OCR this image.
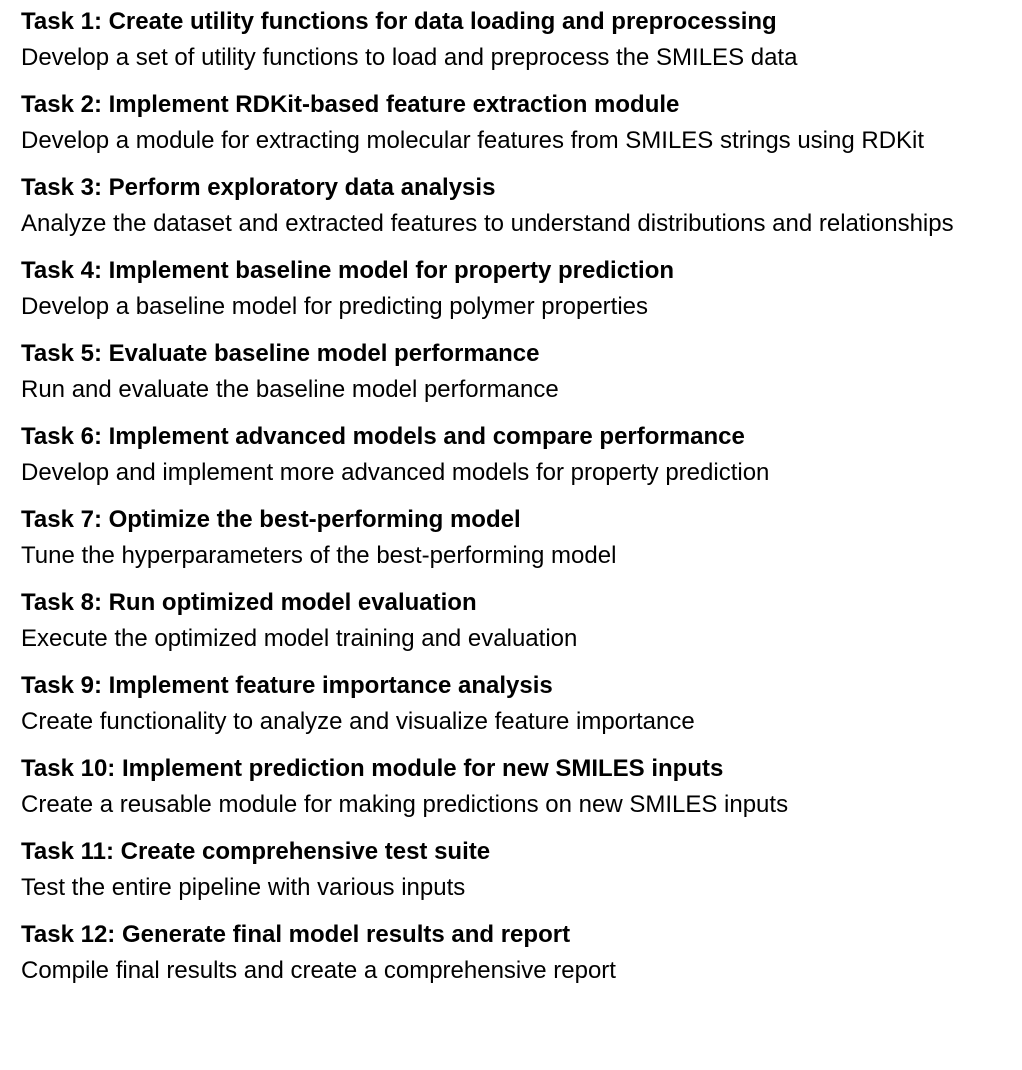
Task 1: Create utility functions for data loading and preprocessing
Develop a set of utility functions to load and preprocess the SMILES data
Task 2: Implement RDKit-based feature extraction module
Develop a module for extracting molecular features from SMILES strings using RDKit
Task 3: Perform exploratory data analysis
Analyze the dataset and extracted features to understand distributions and relationships
Task 4: Implement baseline model for property prediction
Develop a baseline model for predicting polymer properties
Task 5: Evaluate baseline model performance
Run and evaluate the baseline model performance
Task 6: Implement advanced models and compare performance
Develop and implement more advanced models for property prediction
Task 7: Optimize the best-performing model
Tune the hyperparameters of the best-performing model
Task 8: Run optimized model evaluation
Execute the optimized model training and evaluation
Task 9: Implement feature importance analysis
Create functionality to analyze and visualize feature importance
Task 10: Implement prediction module for new SMILES inputs
Create a reusable module for making predictions on new SMILES inputs
Task 11: Create comprehensive test suite
Test the entire pipeline with various inputs
Task 12: Generate final model results and report
Compile final results and create a comprehensive report
